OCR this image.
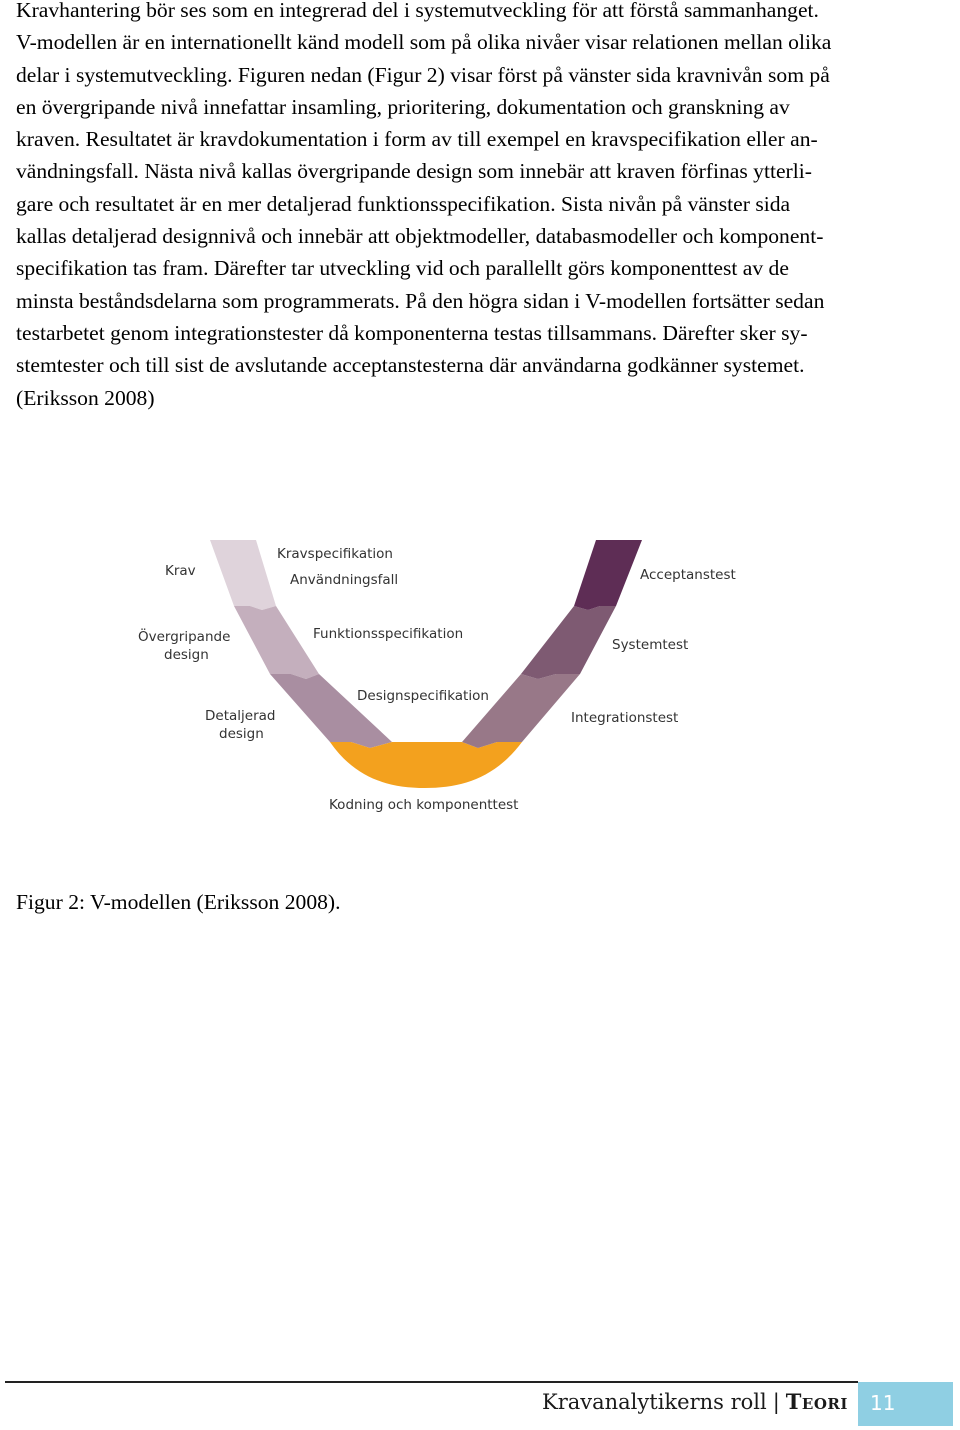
Kravhantering bör ses som en integrerad del i systemutveckling för att förstå sammanhanget.
V-modellen är en internationellt känd modell som på olika nivåer visar relationen mellan olika
delar i systemutveckling. Figuren nedan (Figur 2) visar först på vänster sida kravnivån som på
en övergripande nivå innefattar insamling, prioritering, dokumentation och granskning av
kraven. Resultatet är kravdokumentation i form av till exempel en kravspecifikation eller an-
vändningsfall. Nästa nivå kallas övergripande design som innebär att kraven förfinas ytterli-
gare och resultatet är en mer detaljerad funktionsspecifikation. Sista nivån på vänster sida
kallas detaljerad designnivå och innebär att objektmodeller, databasmodeller och komponent-
specifikation tas fram. Därefter tar utveckling vid och parallellt görs komponenttest av de
minsta beståndsdelarna som programmerats. På den högra sidan i V-modellen fortsätter sedan
testarbetet genom integrationstester då komponenterna testas tillsammans. Därefter sker sy-
stemtester och till sist de avslutande acceptanstesterna där användarna godkänner systemet.
(Eriksson 2008)
Krav
Övergripande
design
Detaljerad
design
Kravspecifikation
Användningsfall
Funktionsspecifikation
Designspecifikation
Kodning och komponenttest
Acceptanstest
Systemtest
Integrationstest
Figur 2: V-modellen (Eriksson 2008).
Kravanalytikerns roll | Teori 11
